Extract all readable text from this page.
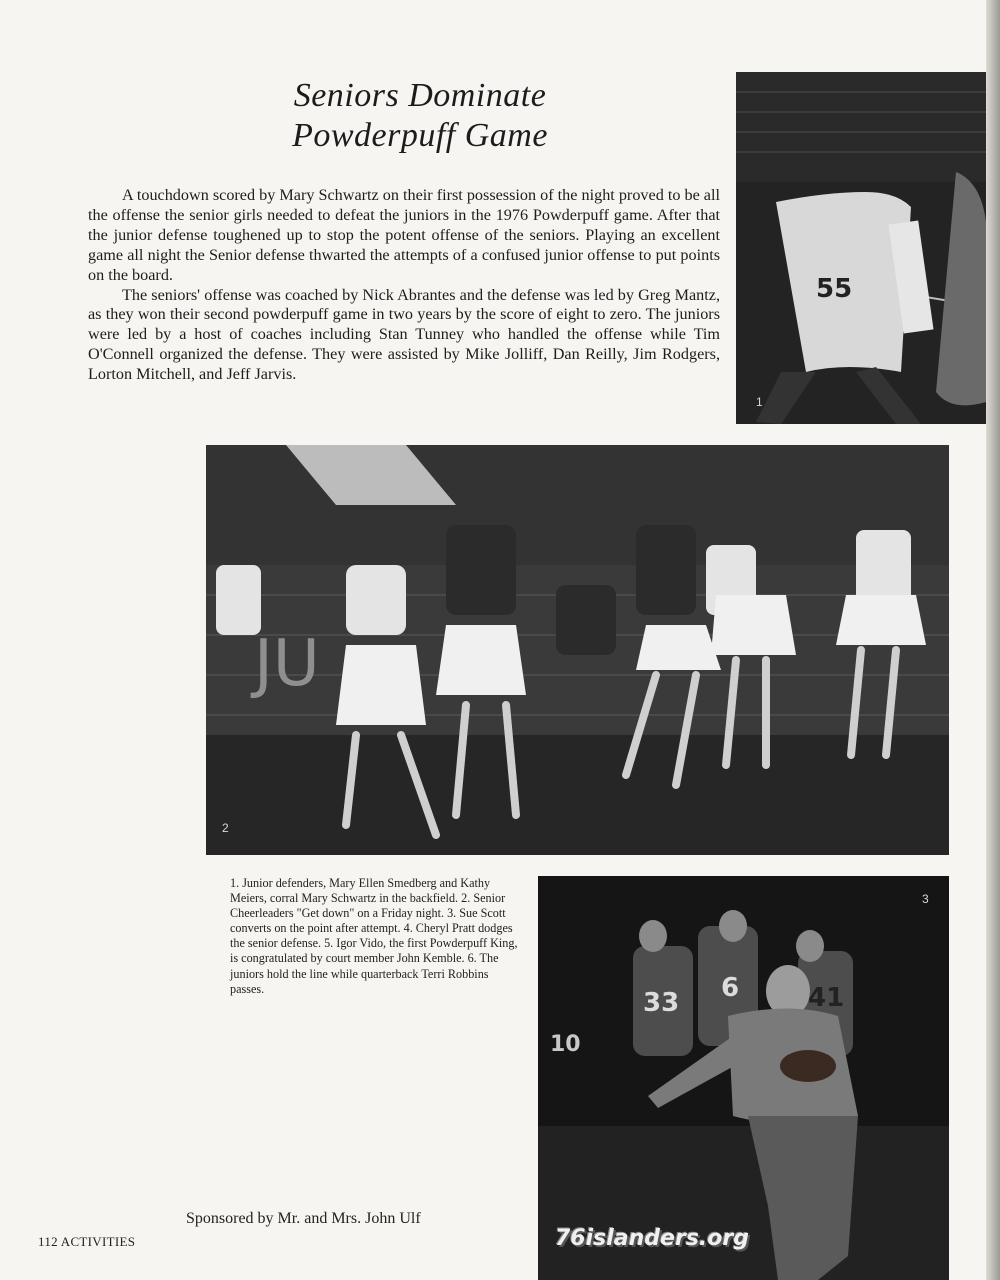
Seniors Dominate
Powderpuff Game

A touchdown scored by Mary Schwartz on their first possession of the night proved to be all the offense the senior girls needed to defeat the juniors in the 1976 Powderpuff game. After that the junior defense toughened up to stop the potent offense of the seniors. Playing an excellent game all night the Senior defense thwarted the attempts of a confused junior offense to put points on the board.

The seniors' offense was coached by Nick Abrantes and the defense was led by Greg Mantz, as they won their second powderpuff game in two years by the score of eight to zero. The juniors were led by a host of coaches including Stan Tunney who handled the offense while Tim O'Connell organized the defense. They were assisted by Mike Jolliff, Dan Reilly, Jim Rodgers, Lorton Mitchell, and Jeff Jarvis.

55
1
JU
2
1. Junior defenders, Mary Ellen Smedberg and Kathy Meiers, corral Mary Schwartz in the backfield. 2. Senior Cheerleaders "Get down" on a Friday night. 3. Sue Scott converts on the point after attempt. 4. Cheryl Pratt dodges the senior defense. 5. Igor Vido, the first Powderpuff King, is congratulated by court member John Kemble. 6. The juniors hold the line while quarterback Terri Robbins passes.	33 6	41
10
3
Sponsored by Mr. and Mrs. John Ulf
112 ACTIVITIES	76islanders.org
